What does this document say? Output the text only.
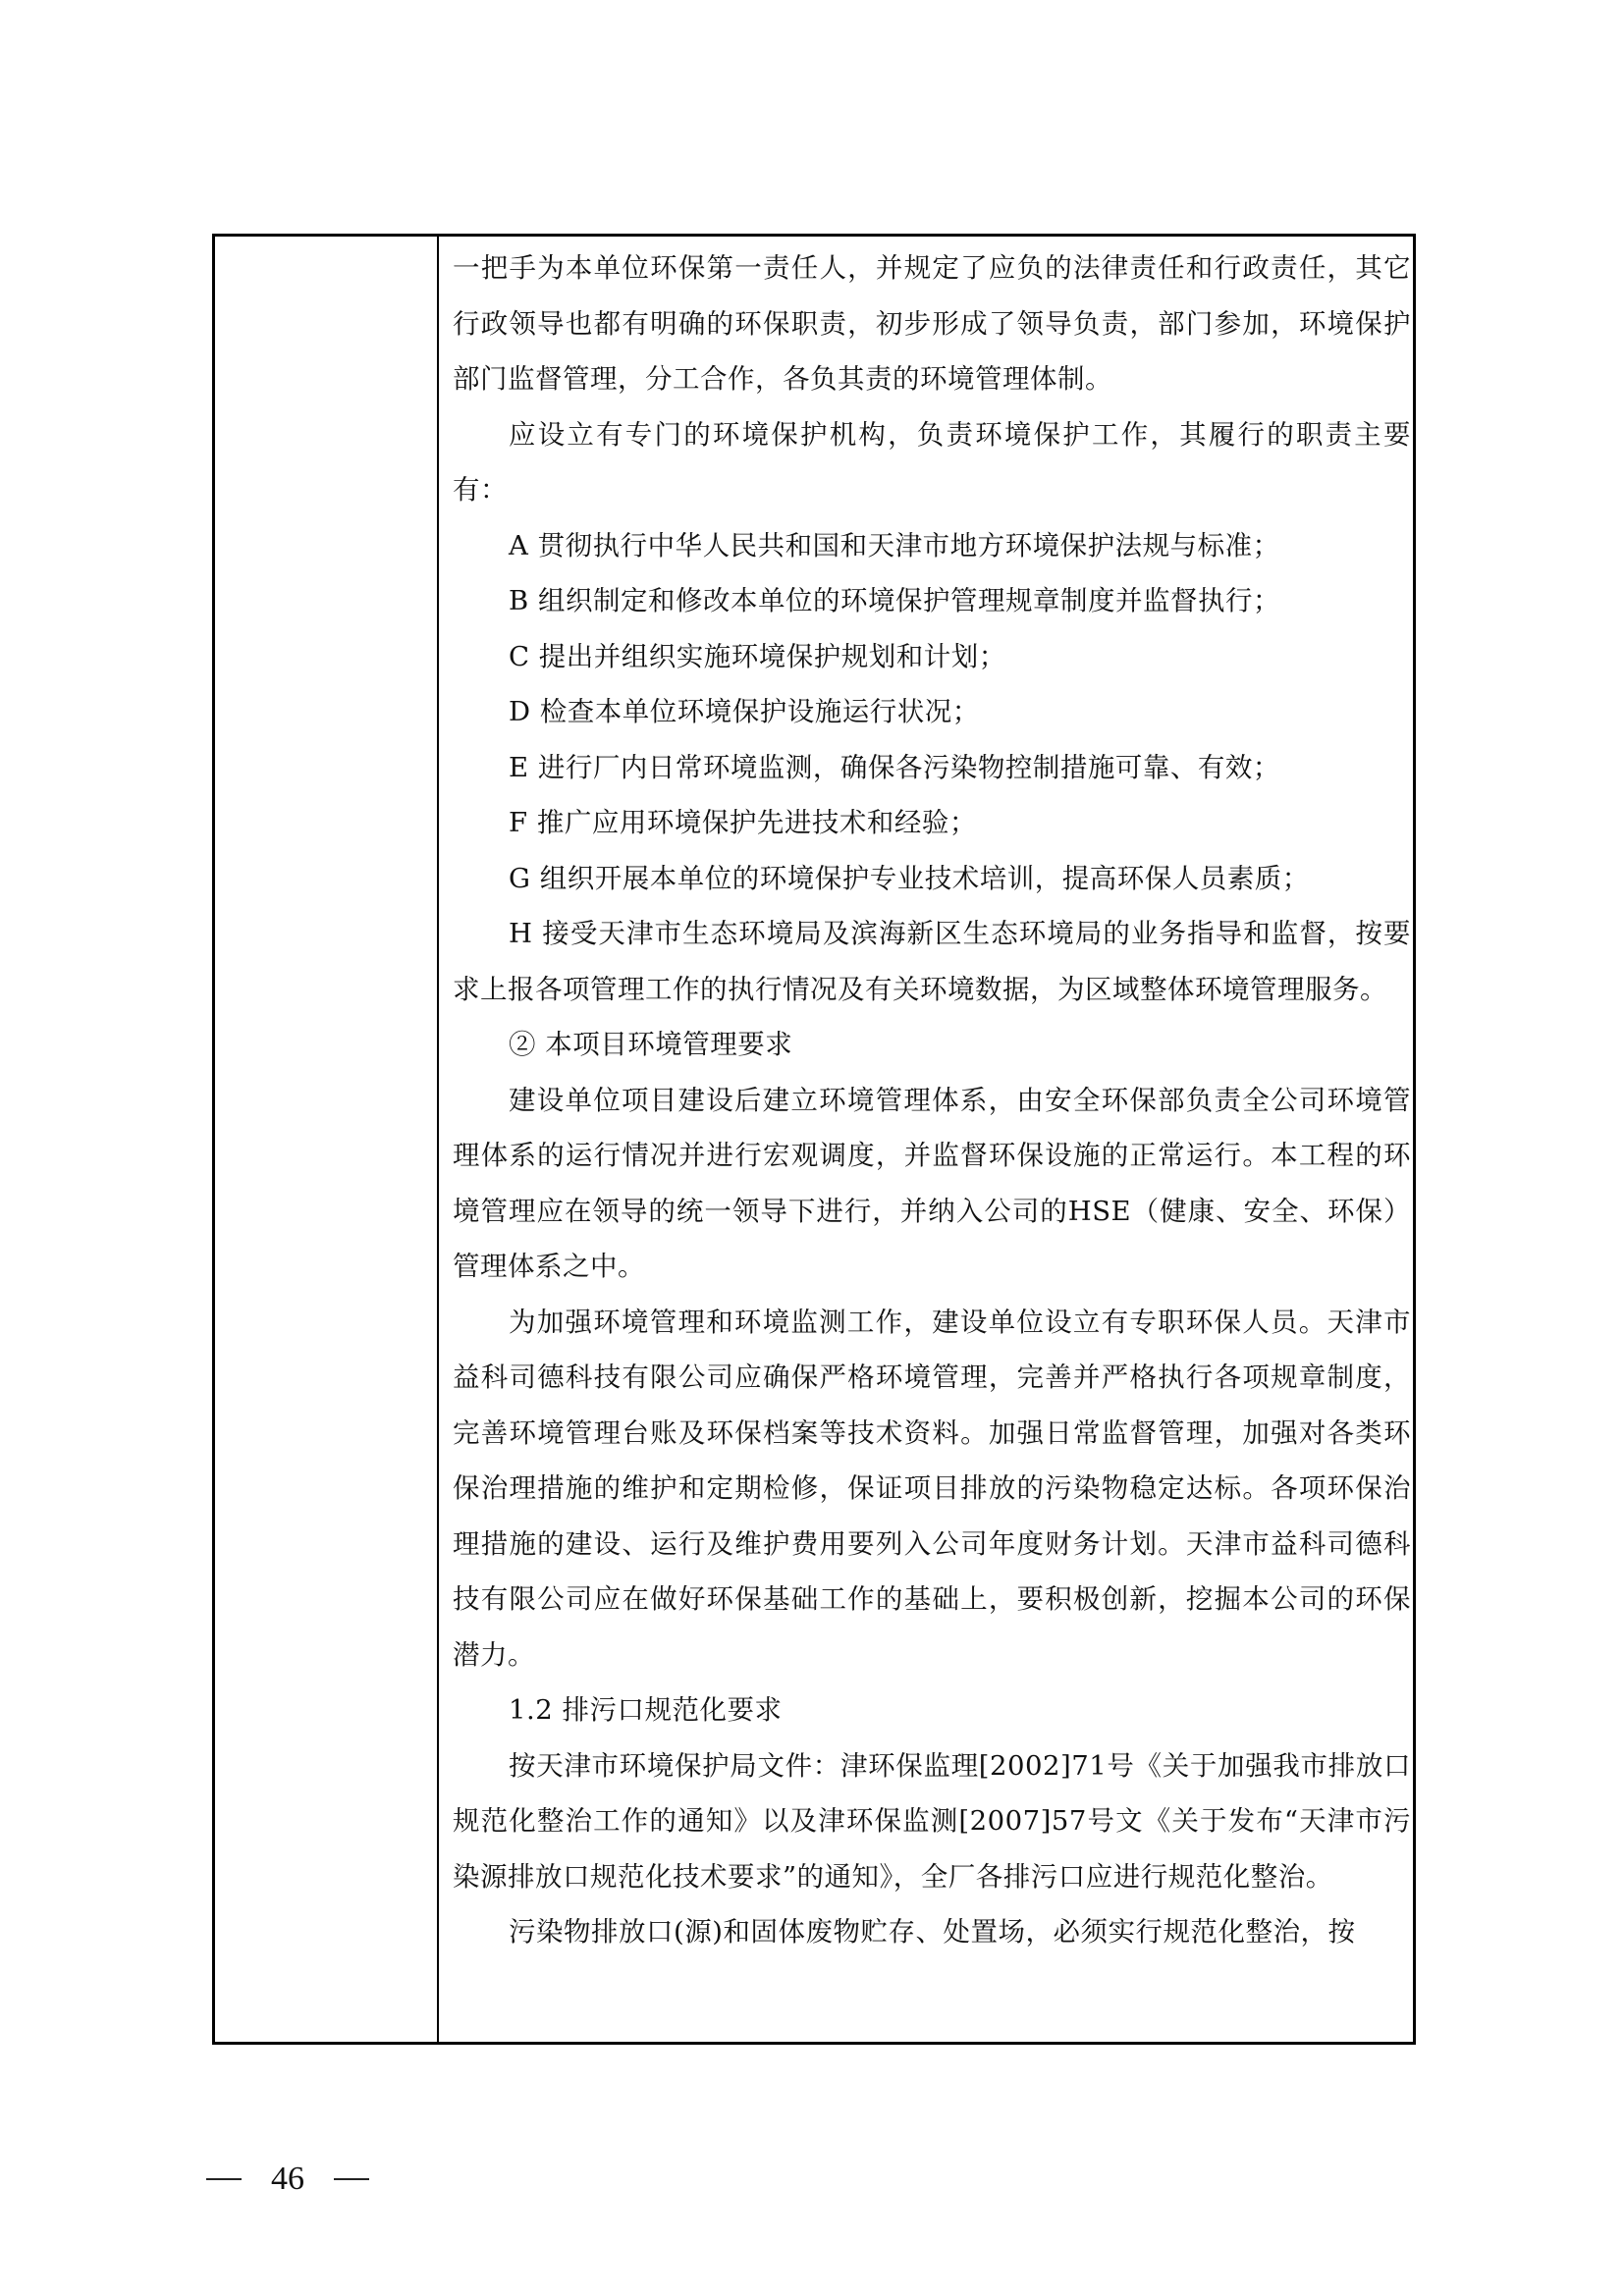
一把手为本单位环保第一责任人，并规定了应负的法律责任和行政责任，其它行政领导也都有明确的环保职责，初步形成了领导负责，部门参加，环境保护部门监督管理，分工合作，各负其责的环境管理体制。

应设立有专门的环境保护机构，负责环境保护工作，其履行的职责主要有：

A 贯彻执行中华人民共和国和天津市地方环境保护法规与标准；

B 组织制定和修改本单位的环境保护管理规章制度并监督执行；

C 提出并组织实施环境保护规划和计划；

D 检查本单位环境保护设施运行状况；

E 进行厂内日常环境监测，确保各污染物控制措施可靠、有效；

F 推广应用环境保护先进技术和经验；

G 组织开展本单位的环境保护专业技术培训，提高环保人员素质；

H 接受天津市生态环境局及滨海新区生态环境局的业务指导和监督，按要求上报各项管理工作的执行情况及有关环境数据，为区域整体环境管理服务。

② 本项目环境管理要求

建设单位项目建设后建立环境管理体系，由安全环保部负责全公司环境管理体系的运行情况并进行宏观调度，并监督环保设施的正常运行。本工程的环境管理应在领导的统一领导下进行，并纳入公司的HSE（健康、安全、环保）管理体系之中。

为加强环境管理和环境监测工作，建设单位设立有专职环保人员。天津市益科司德科技有限公司应确保严格环境管理，完善并严格执行各项规章制度，完善环境管理台账及环保档案等技术资料。加强日常监督管理，加强对各类环保治理措施的维护和定期检修，保证项目排放的污染物稳定达标。各项环保治理措施的建设、运行及维护费用要列入公司年度财务计划。天津市益科司德科技有限公司应在做好环保基础工作的基础上，要积极创新，挖掘本公司的环保潜力。

1.2 排污口规范化要求

按天津市环境保护局文件：津环保监理[2002]71号《关于加强我市排放口规范化整治工作的通知》以及津环保监测[2007]57号文《关于发布“天津市污染源排放口规范化技术要求”的通知》，全厂各排污口应进行规范化整治。

污染物排放口(源)和固体废物贮存、处置场，必须实行规范化整治，按

46
